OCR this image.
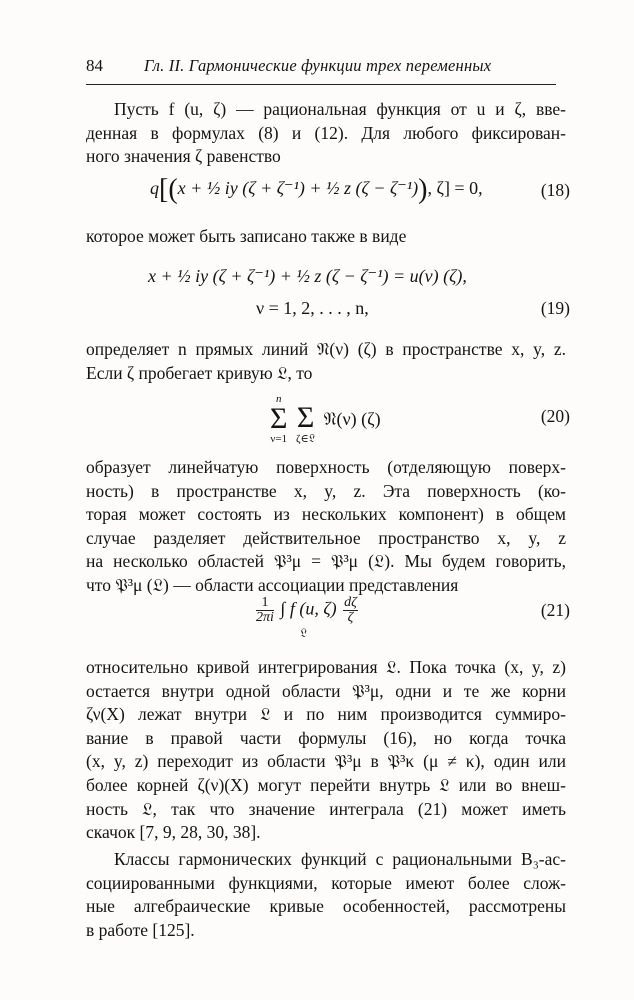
84 Гл. II. Гармонические функции трех переменных
Пусть f (u, ζ) — рациональная функция от u и ζ, вве-
денная в формулах (8) и (12). Для любого фиксирован-
ного значения ζ равенство
q[(x + ½ iy (ζ + ζ⁻¹) + ½ z (ζ − ζ⁻¹)), ζ] = 0,	(18)
которое может быть записано также в виде
x + ½ iy (ζ + ζ⁻¹) + ½ z (ζ − ζ⁻¹) = u(ν) (ζ),
ν = 1, 2, . . . , n,	(19)
определяет n прямых линий 𝔑(ν) (ζ) в пространстве x, y, z.
Если ζ пробегает кривую 𝔏, то
n
Σ
ν=1

Σ
ζ∈𝔏
𝔑(ν) (ζ)	(20)
образует линейчатую поверхность (отделяющую поверх-
ность) в пространстве x, y, z. Эта поверхность (ко-
торая может состоять из нескольких компонент) в общем
случае разделяет действительное пространство x, y, z
на несколько областей 𝔓³μ = 𝔓³μ (𝔏). Мы будем говорить,
что 𝔓³μ (𝔏) — области ассоциации представления
$\frac{1}{2\pi i}$ ∫ f (u, $\zeta) \frac{d\zeta}{\zeta}$
𝔏
(21)
относительно кривой интегрирования 𝔏. Пока точка (x, y, z)
остается внутри одной области 𝔓³μ, одни и те же корни
ζν(X) лежат внутри 𝔏 и по ним производится суммиро-
вание в правой части формулы (16), но когда точка
(x, y, z) переходит из области 𝔓³μ в 𝔓³κ (μ ≠ κ), один или
более корней ζ(ν)(X) могут перейти внутрь 𝔏 или во внеш-
ность 𝔏, так что значение интеграла (21) может иметь
скачок [7, 9, 28, 30, 38].
Классы гармонических функций с рациональными B₃-ас-
социированными функциями, которые имеют более слож-
ные алгебраические кривые особенностей, рассмотрены
в работе [125].
